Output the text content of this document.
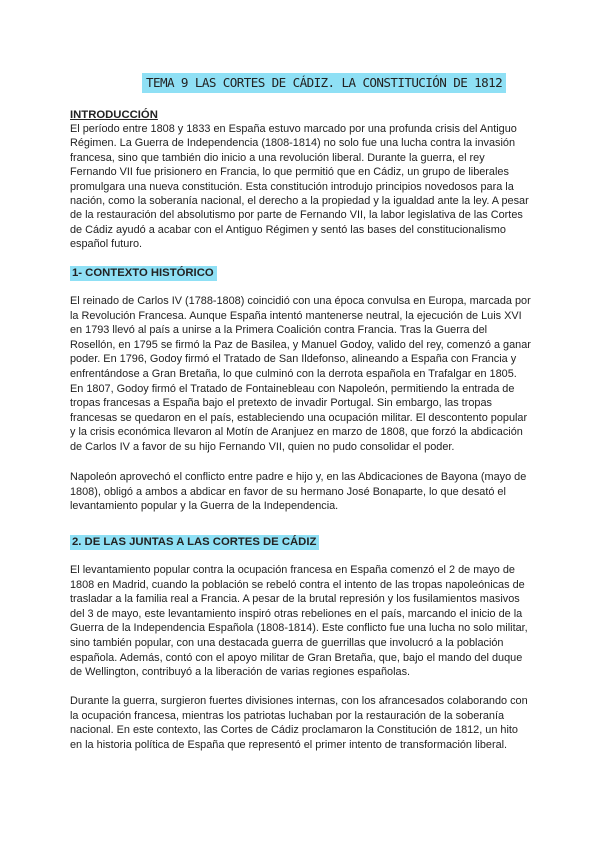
TEMA 9 LAS CORTES DE CÁDIZ. LA CONSTITUCIÓN DE 1812
INTRODUCCIÓN

El período entre 1808 y 1833 en España estuvo marcado por una profunda crisis del Antiguo Régimen. La Guerra de Independencia (1808-1814) no solo fue una lucha contra la invasión francesa, sino que también dio inicio a una revolución liberal. Durante la guerra, el rey Fernando VII fue prisionero en Francia, lo que permitió que en Cádiz, un grupo de liberales promulgara una nueva constitución. Esta constitución introdujo principios novedosos para la nación, como la soberanía nacional, el derecho a la propiedad y la igualdad ante la ley. A pesar de la restauración del absolutismo por parte de Fernando VII, la labor legislativa de las Cortes de Cádiz ayudó a acabar con el Antiguo Régimen y sentó las bases del constitucionalismo español futuro.

1- CONTEXTO HISTÓRICO

El reinado de Carlos IV (1788-1808) coincidió con una época convulsa en Europa, marcada por la Revolución Francesa. Aunque España intentó mantenerse neutral, la ejecución de Luis XVI en 1793 llevó al país a unirse a la Primera Coalición contra Francia. Tras la Guerra del Rosellón, en 1795 se firmó la Paz de Basilea, y Manuel Godoy, valido del rey, comenzó a ganar poder. En 1796, Godoy firmó el Tratado de San Ildefonso, alineando a España con Francia y enfrentándose a Gran Bretaña, lo que culminó con la derrota española en Trafalgar en 1805. En 1807, Godoy firmó el Tratado de Fontainebleau con Napoleón, permitiendo la entrada de tropas francesas a España bajo el pretexto de invadir Portugal. Sin embargo, las tropas francesas se quedaron en el país, estableciendo una ocupación militar. El descontento popular y la crisis económica llevaron al Motín de Aranjuez en marzo de 1808, que forzó la abdicación de Carlos IV a favor de su hijo Fernando VII, quien no pudo consolidar el poder.

Napoleón aprovechó el conflicto entre padre e hijo y, en las Abdicaciones de Bayona (mayo de 1808), obligó a ambos a abdicar en favor de su hermano José Bonaparte, lo que desató el levantamiento popular y la Guerra de la Independencia.

2. DE LAS JUNTAS A LAS CORTES DE CÁDIZ

El levantamiento popular contra la ocupación francesa en España comenzó el 2 de mayo de 1808 en Madrid, cuando la población se rebeló contra el intento de las tropas napoleónicas de trasladar a la familia real a Francia. A pesar de la brutal represión y los fusilamientos masivos del 3 de mayo, este levantamiento inspiró otras rebeliones en el país, marcando el inicio de la Guerra de la Independencia Española (1808-1814). Este conflicto fue una lucha no solo militar, sino también popular, con una destacada guerra de guerrillas que involucró a la población española. Además, contó con el apoyo militar de Gran Bretaña, que, bajo el mando del duque de Wellington, contribuyó a la liberación de varias regiones españolas.

Durante la guerra, surgieron fuertes divisiones internas, con los afrancesados colaborando con la ocupación francesa, mientras los patriotas luchaban por la restauración de la soberanía nacional. En este contexto, las Cortes de Cádiz proclamaron la Constitución de 1812, un hito en la historia política de España que representó el primer intento de transformación liberal.
